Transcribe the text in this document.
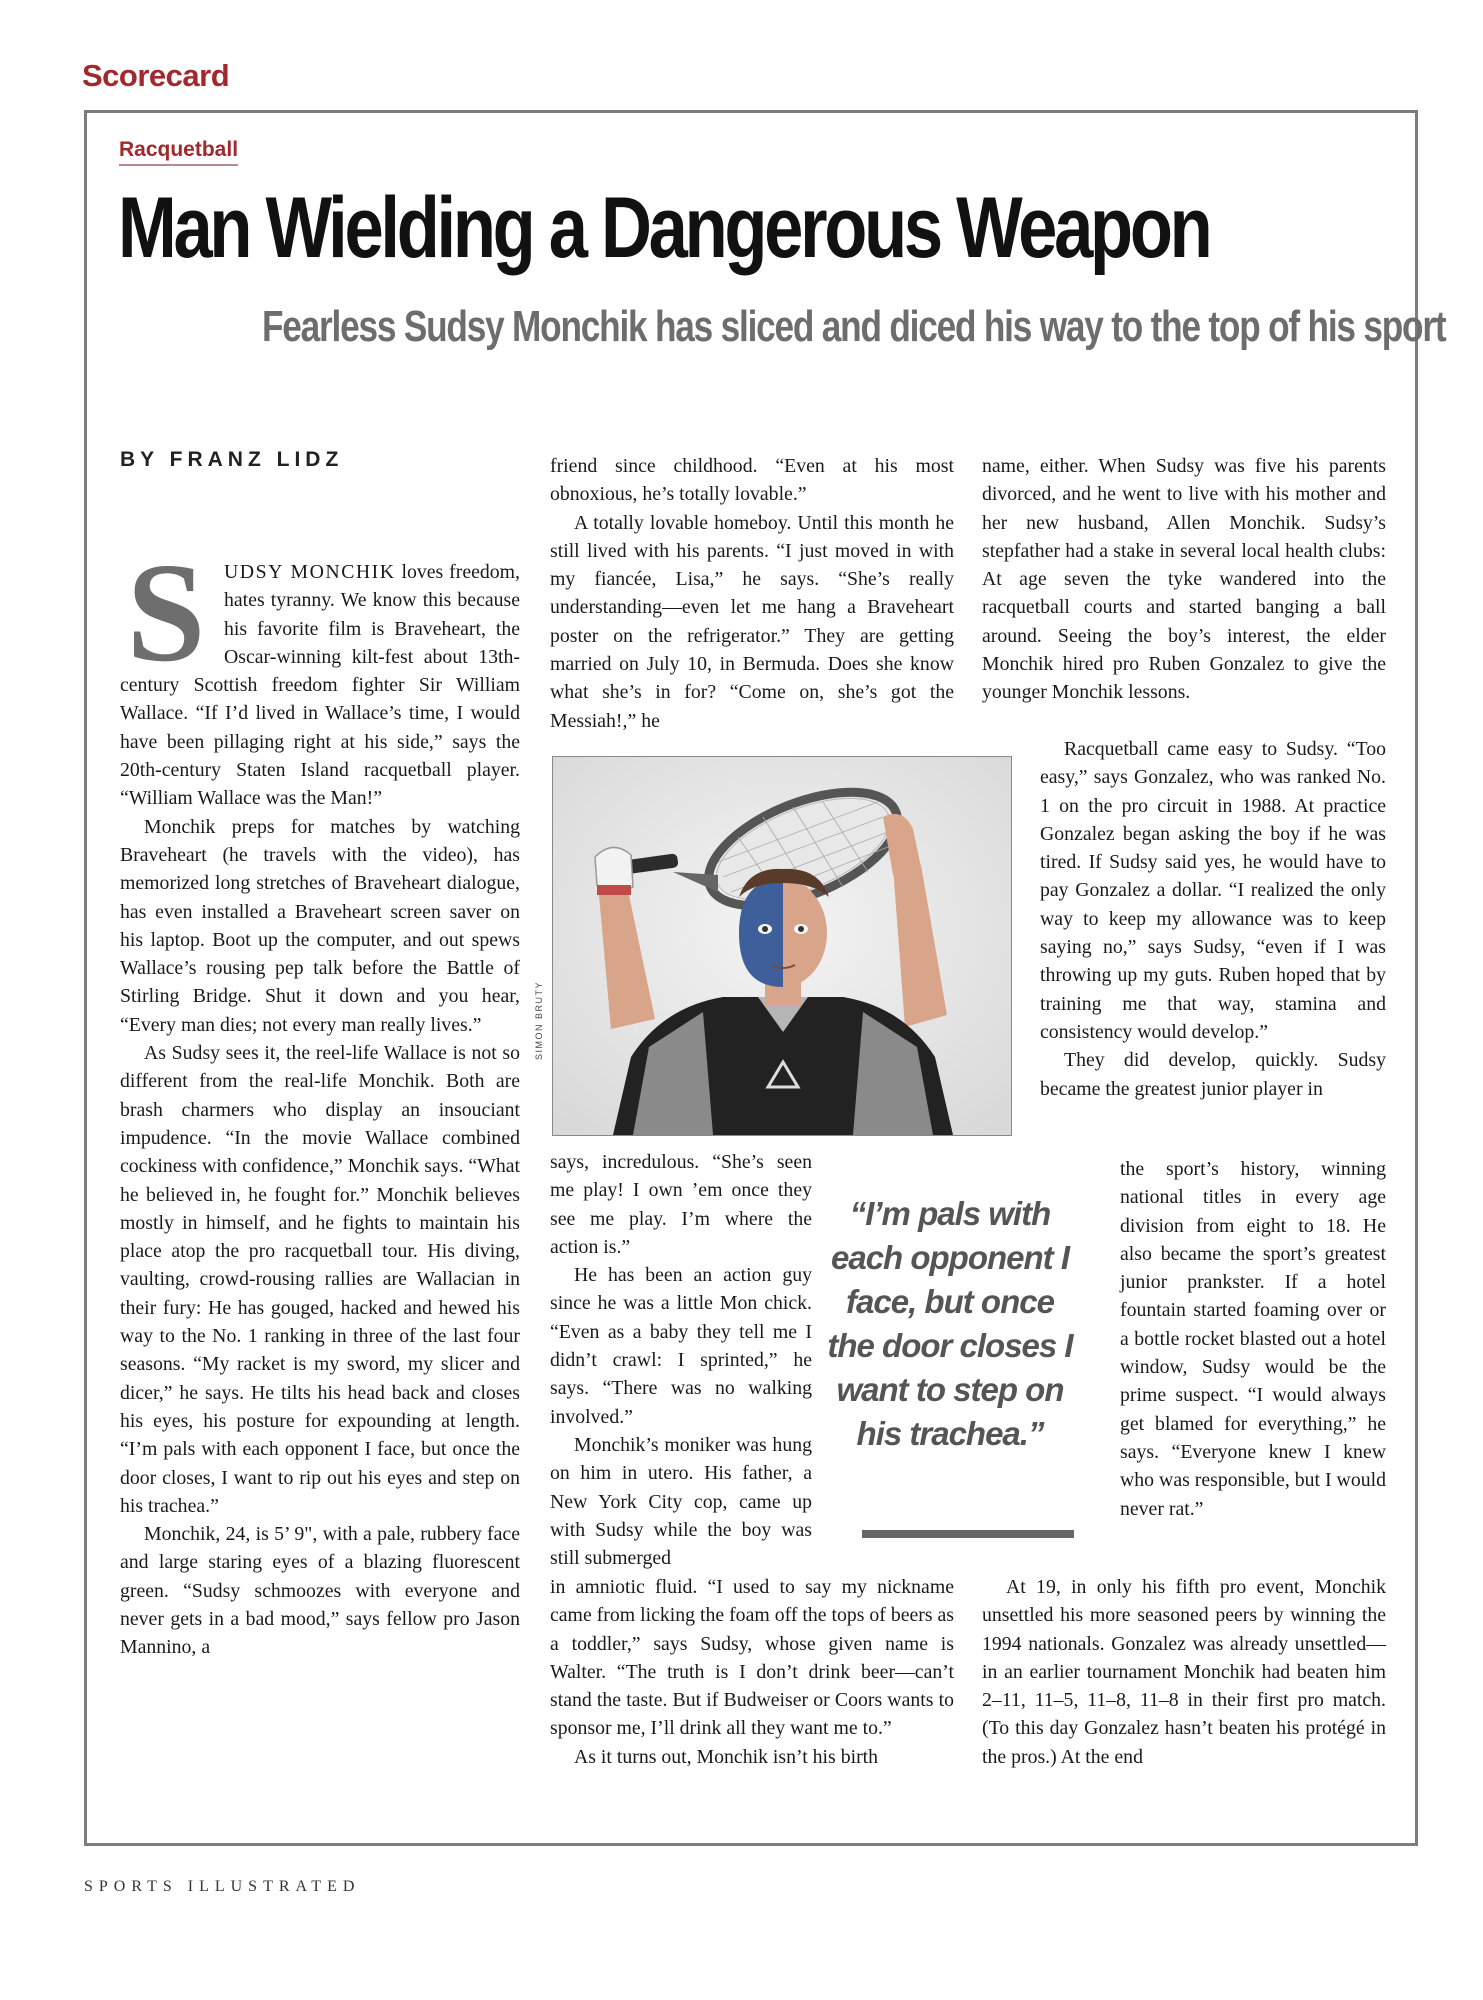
Scorecard
Racquetball
Man Wielding a Dangerous Weapon
Fearless Sudsy Monchik has sliced and diced his way to the top of his sport
BY FRANZ LIDZ

SUDSY MONCHIK loves freedom, hates tyranny. We know this because his favorite film is Braveheart, the Oscar-winning kilt-fest about 13th-century Scottish freedom fighter Sir William Wallace. “If I’d lived in Wallace’s time, I would have been pillaging right at his side,” says the 20th-century Staten Island racquetball player. “William Wallace was the Man!”

Monchik preps for matches by watching Braveheart (he travels with the video), has memorized long stretches of Braveheart dialogue, has even installed a Braveheart screen saver on his laptop. Boot up the computer, and out spews Wallace’s rousing pep talk before the Battle of Stirling Bridge. Shut it down and you hear, “Every man dies; not every man really lives.”

As Sudsy sees it, the reel-life Wallace is not so different from the real-life Monchik. Both are brash charmers who display an insouciant impudence. “In the movie Wallace combined cockiness with confidence,” Monchik says. “What he believed in, he fought for.” Monchik believes mostly in himself, and he fights to maintain his place atop the pro racquetball tour. His diving, vaulting, crowd-rousing rallies are Wallacian in their fury: He has gouged, hacked and hewed his way to the No. 1 ranking in three of the last four seasons. “My racket is my sword, my slicer and dicer,” he says. He tilts his head back and closes his eyes, his posture for expounding at length. “I’m pals with each opponent I face, but once the door closes, I want to rip out his eyes and step on his trachea.”

Monchik, 24, is 5’ 9", with a pale, rubbery face and large staring eyes of a blazing fluorescent green. “Sudsy schmoozes with everyone and never gets in a bad mood,” says fellow pro Jason Mannino, a

friend since childhood. “Even at his most obnoxious, he’s totally lovable.”

A totally lovable homeboy. Until this month he still lived with his parents. “I just moved in with my fiancée, Lisa,” he says. “She’s really understanding—even let me hang a Braveheart poster on the refrigerator.” They are getting married on July 10, in Bermuda. Does she know what she’s in for? “Come on, she’s got the Messiah!,” he

SIMON BRUTY

says, incredulous. “She’s seen me play! I own ’em once they see me play. I’m where the action is.”

He has been an action guy since he was a little Mon chick. “Even as a baby they tell me I didn’t crawl: I sprinted,” he says. “There was no walking involved.”

Monchik’s moniker was hung on him in utero. His father, a New York City cop, came up with Sudsy while the boy was still submerged

“I’m pals with each opponent I face, but once the door closes I want to step on his trachea.”

in amniotic fluid. “I used to say my nickname came from licking the foam off the tops of beers as a toddler,” says Sudsy, whose given name is Walter. “The truth is I don’t drink beer—can’t stand the taste. But if Budweiser or Coors wants to sponsor me, I’ll drink all they want me to.”

As it turns out, Monchik isn’t his birth

name, either. When Sudsy was five his parents divorced, and he went to live with his mother and her new husband, Allen Monchik. Sudsy’s stepfather had a stake in several local health clubs: At age seven the tyke wandered into the racquetball courts and started banging a ball around. Seeing the boy’s interest, the elder Monchik hired pro Ruben Gonzalez to give the younger Monchik lessons.

Racquetball came easy to Sudsy. “Too easy,” says Gonzalez, who was ranked No. 1 on the pro circuit in 1988. At practice Gonzalez began asking the boy if he was tired. If Sudsy said yes, he would have to pay Gonzalez a dollar. “I realized the only way to keep my allowance was to keep saying no,” says Sudsy, “even if I was throwing up my guts. Ruben hoped that by training me that way, stamina and consistency would develop.”

They did develop, quickly. Sudsy became the greatest junior player in

the sport’s history, winning national titles in every age division from eight to 18. He also became the sport’s greatest junior prankster. If a hotel fountain started foaming over or a bottle rocket blasted out a hotel window, Sudsy would be the prime suspect. “I would always get blamed for everything,” he says. “Everyone knew I knew who was responsible, but I would never rat.”

At 19, in only his fifth pro event, Monchik unsettled his more seasoned peers by winning the 1994 nationals. Gonzalez was already unsettled—in an earlier tournament Monchik had beaten him 2–11, 11–5, 11–8, 11–8 in their first pro match. (To this day Gonzalez hasn’t beaten his protégé in the pros.) At the end

SPORTS ILLUSTRATED
